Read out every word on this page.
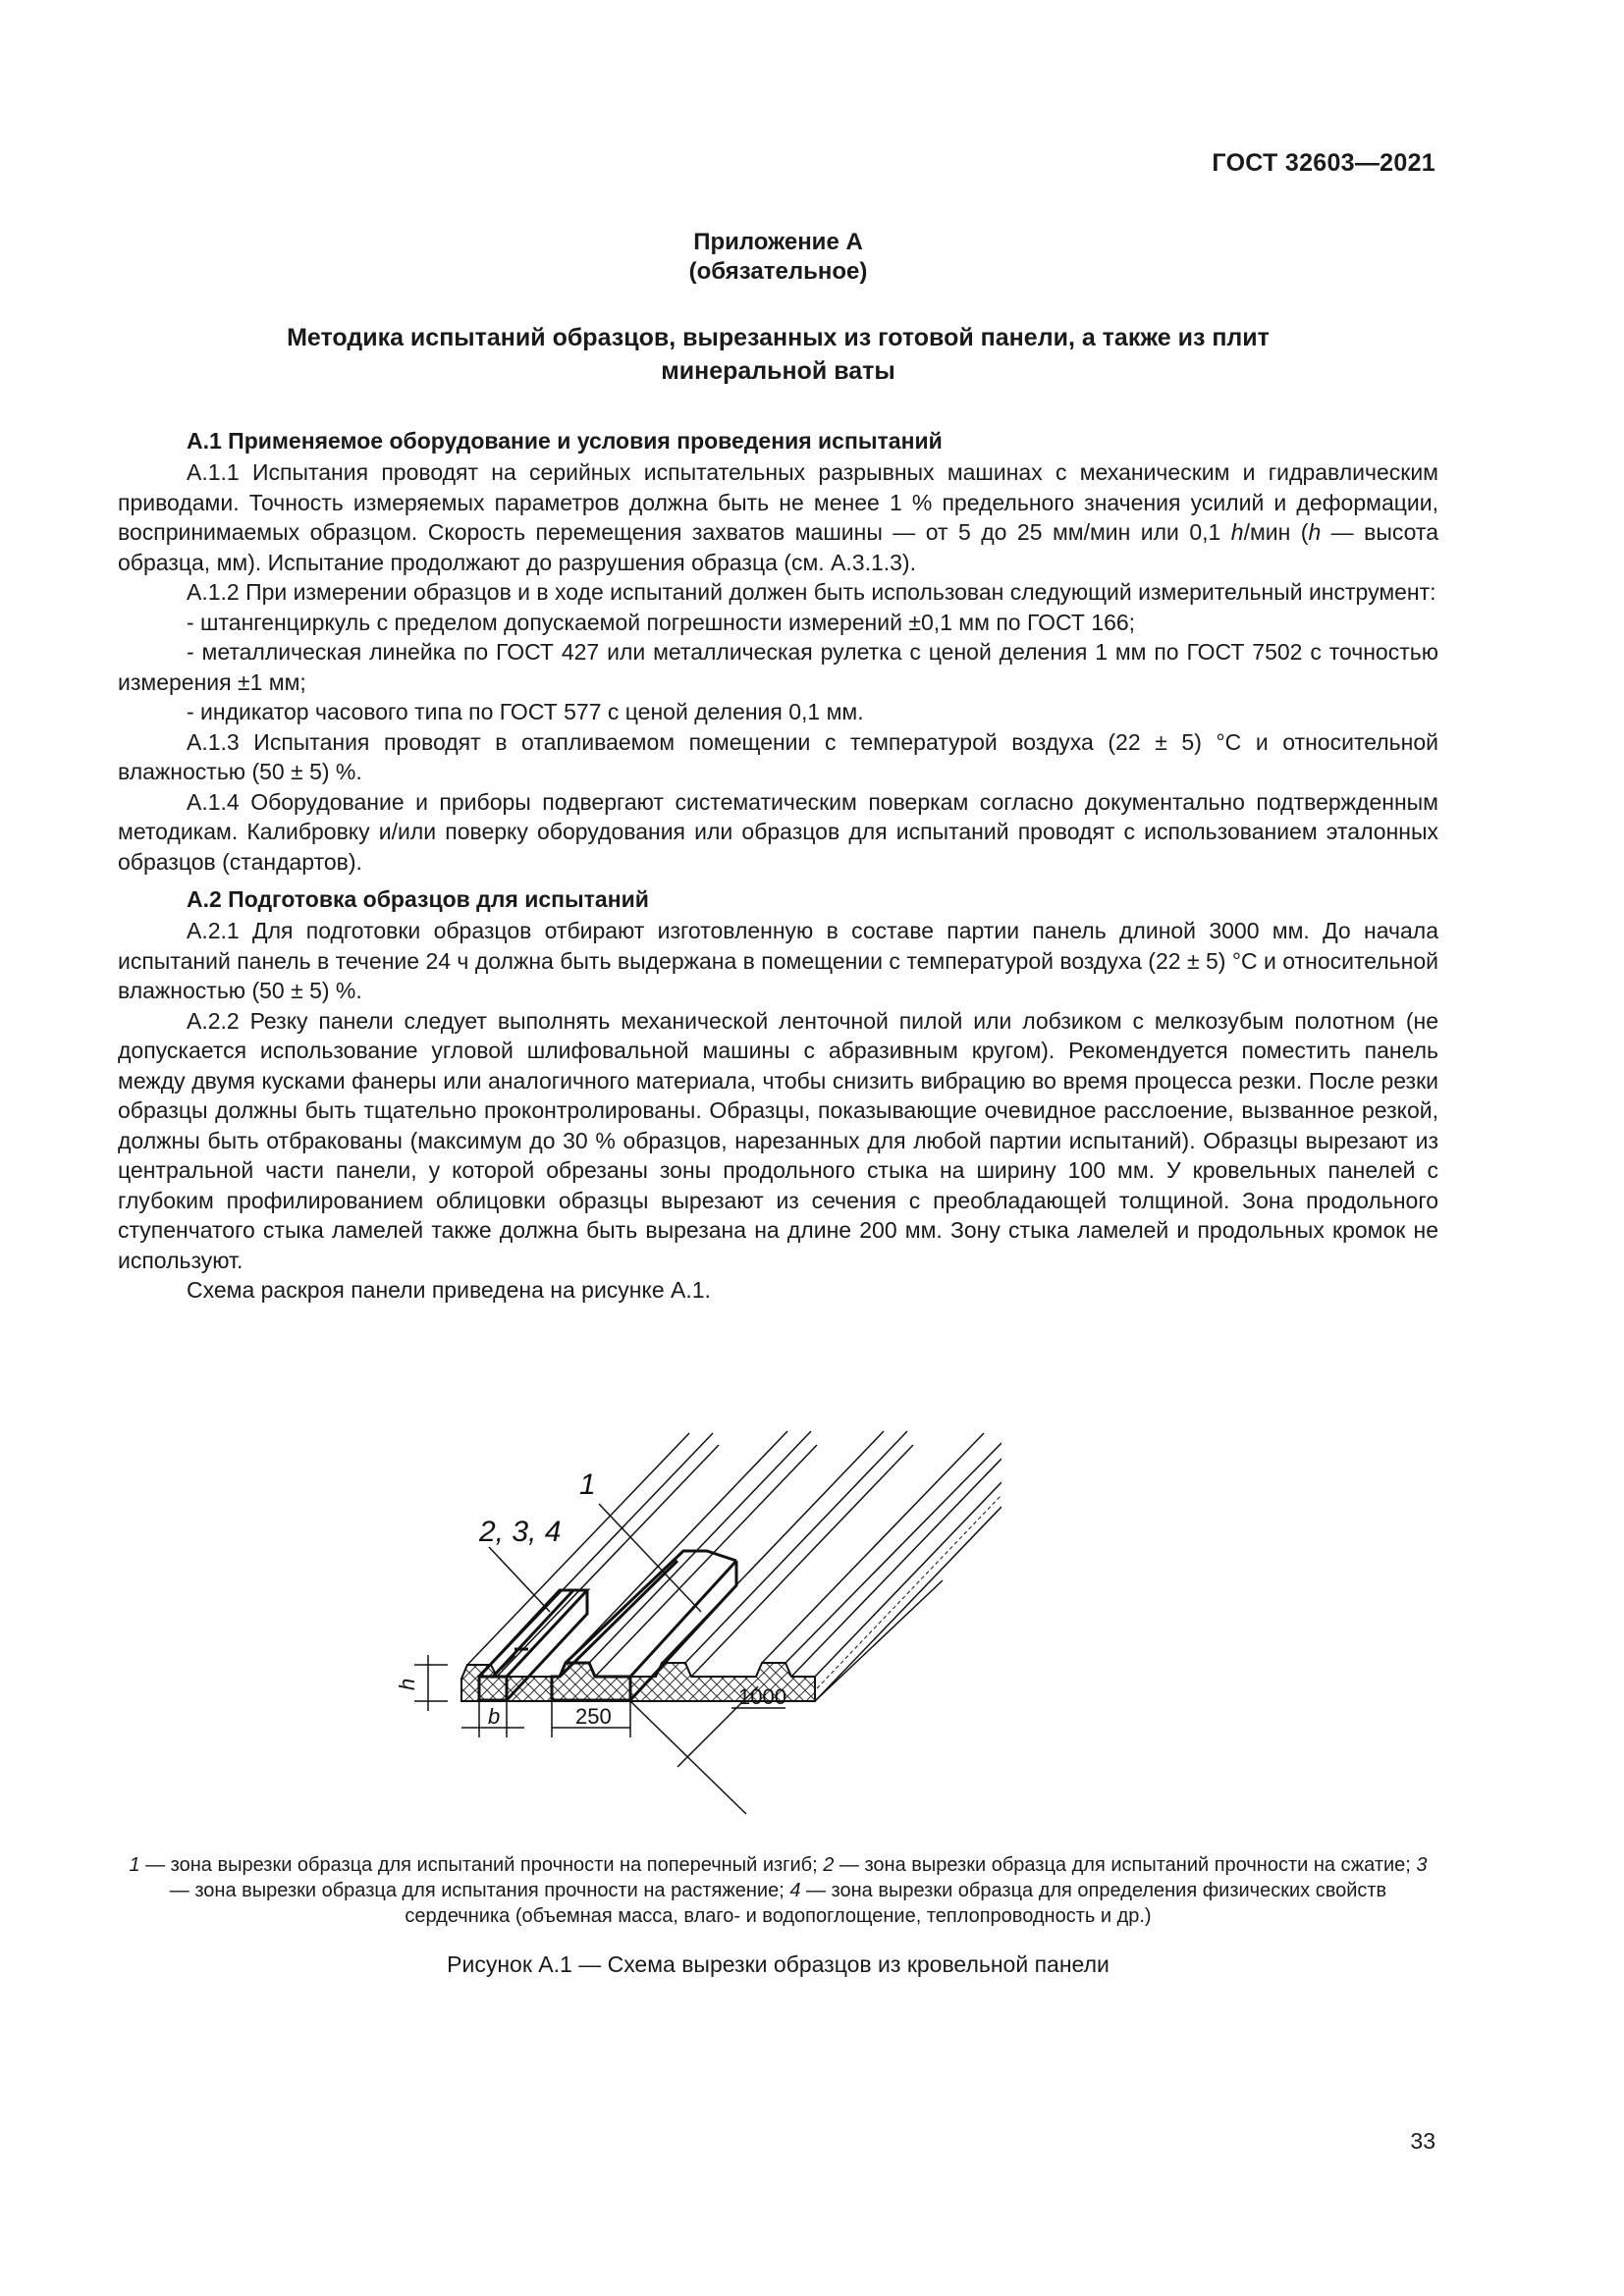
ГОСТ 32603—2021
Приложение А
(обязательное)
Методика испытаний образцов, вырезанных из готовой панели, а также из плит
минеральной ваты
А.1 Применяемое оборудование и условия проведения испытаний

А.1.1 Испытания проводят на серийных испытательных разрывных машинах с механическим и гидравлическим приводами. Точность измеряемых параметров должна быть не менее 1 % предельного значения усилий и деформации, воспринимаемых образцом. Скорость перемещения захватов машины — от 5 до 25 мм/мин или 0,1 h/мин (h — высота образца, мм). Испытание продолжают до разрушения образца (см. А.3.1.3).

А.1.2 При измерении образцов и в ходе испытаний должен быть использован следующий измерительный инструмент:

- штангенциркуль с пределом допускаемой погрешности измерений ±0,1 мм по ГОСТ 166;

- металлическая линейка по ГОСТ 427 или металлическая рулетка с ценой деления 1 мм по ГОСТ 7502 с точностью измерения ±1 мм;

- индикатор часового типа по ГОСТ 577 с ценой деления 0,1 мм.

А.1.3 Испытания проводят в отапливаемом помещении с температурой воздуха (22 ± 5) °С и относительной влажностью (50 ± 5) %.

А.1.4 Оборудование и приборы подвергают систематическим поверкам согласно документально подтвержденным методикам. Калибровку и/или поверку оборудования или образцов для испытаний проводят с использованием эталонных образцов (стандартов).

А.2 Подготовка образцов для испытаний

А.2.1 Для подготовки образцов отбирают изготовленную в составе партии панель длиной 3000 мм. До начала испытаний панель в течение 24 ч должна быть выдержана в помещении с температурой воздуха (22 ± 5) °С и относительной влажностью (50 ± 5) %.

А.2.2 Резку панели следует выполнять механической ленточной пилой или лобзиком с мелкозубым полотном (не допускается использование угловой шлифовальной машины с абразивным кругом). Рекомендуется поместить панель между двумя кусками фанеры или аналогичного материала, чтобы снизить вибрацию во время процесса резки. После резки образцы должны быть тщательно проконтролированы. Образцы, показывающие очевидное расслоение, вызванное резкой, должны быть отбракованы (максимум до 30 % образцов, нарезанных для любой партии испытаний). Образцы вырезают из центральной части панели, у которой обрезаны зоны продольного стыка на ширину 100 мм. У кровельных панелей с глубоким профилированием облицовки образцы вырезают из сечения с преобладающей толщиной. Зона продольного ступенчатого стыка ламелей также должна быть вырезана на длине 200 мм. Зону стыка ламелей и продольных кромок не используют.

Схема раскроя панели приведена на рисунке А.1.

1
2, 3, 4
h
b	250
1000
1 — зона вырезки образца для испытаний прочности на поперечный изгиб; 2 — зона вырезки образца для испытаний прочности на сжатие; 3 — зона вырезки образца для испытания прочности на растяжение; 4 — зона вырезки образца для определения физических свойств сердечника (объемная масса, влаго- и водопоглощение, теплопроводность и др.)
Рисунок А.1 — Схема вырезки образцов из кровельной панели
33
